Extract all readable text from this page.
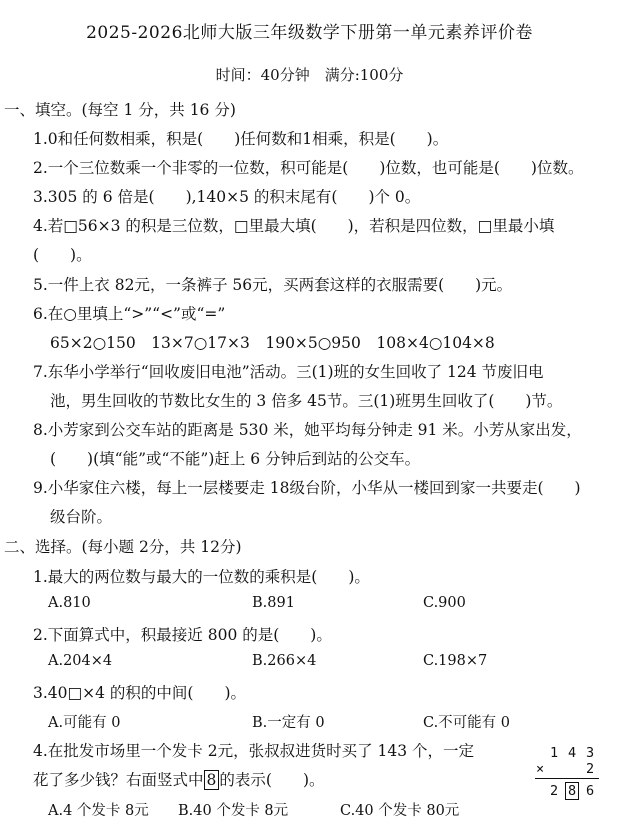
2025-2026北师大版三年级数学下册第一单元素养评价卷
时间：40分钟　满分:100分
一、填空。(每空 1 分，共 16 分)
1.0和任何数相乘，积是(　　)任何数和1相乘，积是(　　)。
2.一个三位数乘一个非零的一位数，积可能是(　　)位数，也可能是(　　)位数。
3.305 的 6 倍是(　　),140×5 的积末尾有(　　)个 0。
4.若□56×3 的积是三位数，□里最大填(　　)，若积是四位数，□里最小填
(　　)。
5.一件上衣 82元，一条裤子 56元，买两套这样的衣服需要(　　)元。
6.在○里填上“>”“<”或“=”
65×2○150　13×7○17×3　190×5○950　108×4○104×8
7.东华小学举行“回收废旧电池”活动。三(1)班的女生回收了 124 节废旧电
池，男生回收的节数比女生的 3 倍多 45节。三(1)班男生回收了(　　)节。
8.小芳家到公交车站的距离是 530 米，她平均每分钟走 91 米。小芳从家出发，
(　　)(填“能”或“不能”)赶上 6 分钟后到站的公交车。
9.小华家住六楼，每上一层楼要走 18级台阶，小华从一楼回到家一共要走(　　)
级台阶。
二、选择。(每小题 2分，共 12分)
1.最大的两位数与最大的一位数的乘积是(　　)。
A.810	B.891	C.900
2.下面算式中，积最接近 800 的是(　　)。
A.204×4	B.266×4	C.198×7
3.40□×4 的积的中间(　　)。
A.可能有 0	B.一定有 0	C.不可能有 0
4.在批发市场里一个发卡 2元，张叔叔进货时买了 143 个，一定
花了多少钱？右面竖式中 8 的表示(　　)。
A.4 个发卡 8元 B.40 个发卡 8元	C.40 个发卡 80元
1 4 3
×	2
2 8 6
